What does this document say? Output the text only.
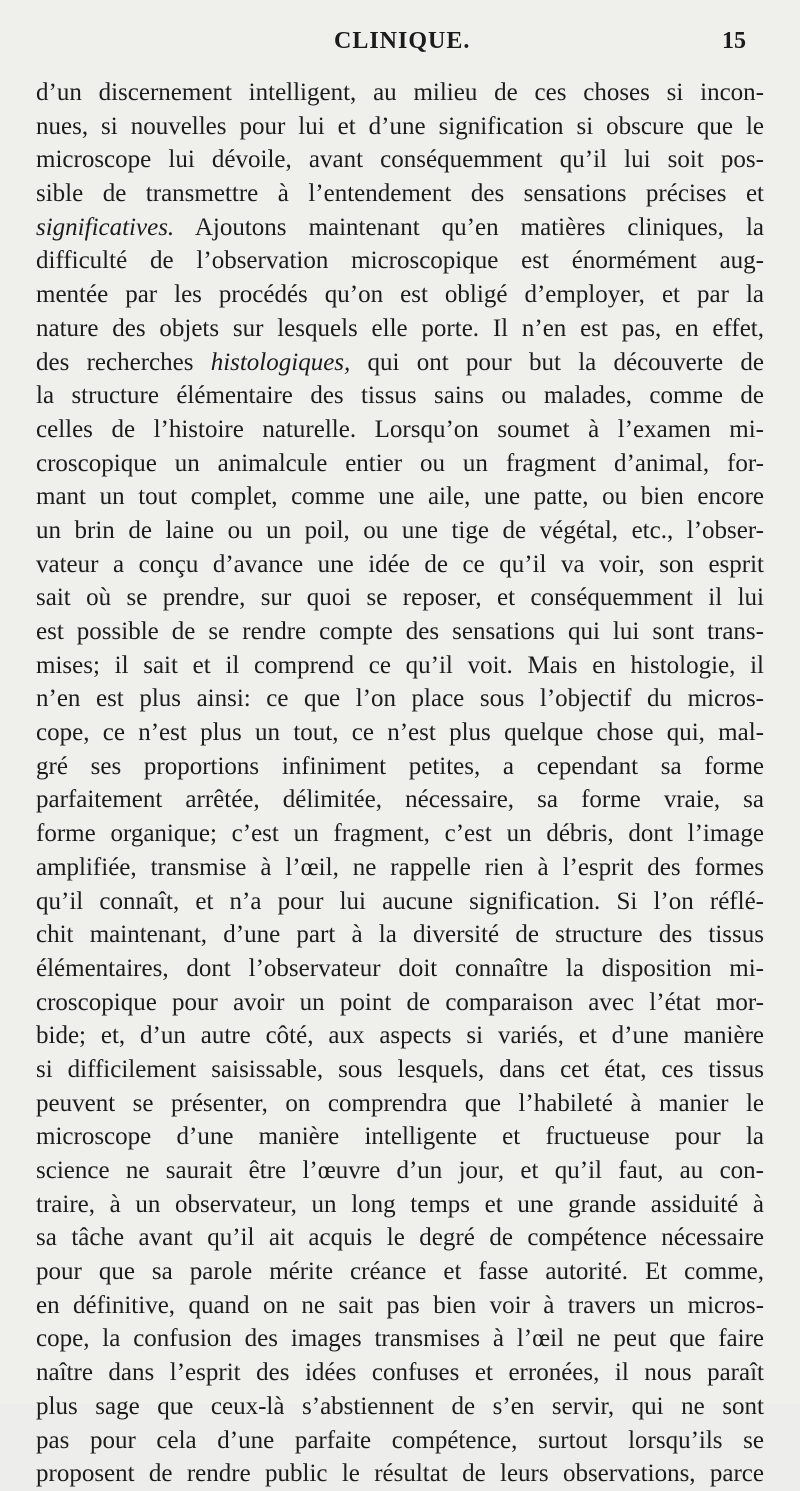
CLINIQUE.	15
d’un discernement intelligent, au milieu de ces choses si incon-
nues, si nouvelles pour lui et d’une signification si obscure que le
microscope lui dévoile, avant conséquemment qu’il lui soit pos-
sible de transmettre à l’entendement des sensations précises et
significatives. Ajoutons maintenant qu’en matières cliniques, la
difficulté de l’observation microscopique est énormément aug-
mentée par les procédés qu’on est obligé d’employer, et par la
nature des objets sur lesquels elle porte. Il n’en est pas, en effet,
des recherches histologiques, qui ont pour but la découverte de
la structure élémentaire des tissus sains ou malades, comme de
celles de l’histoire naturelle. Lorsqu’on soumet à l’examen mi-
croscopique un animalcule entier ou un fragment d’animal, for-
mant un tout complet, comme une aile, une patte, ou bien encore
un brin de laine ou un poil, ou une tige de végétal, etc., l’obser-
vateur a conçu d’avance une idée de ce qu’il va voir, son esprit
sait où se prendre, sur quoi se reposer, et conséquemment il lui
est possible de se rendre compte des sensations qui lui sont trans-
mises; il sait et il comprend ce qu’il voit. Mais en histologie, il
n’en est plus ainsi: ce que l’on place sous l’objectif du micros-
cope, ce n’est plus un tout, ce n’est plus quelque chose qui, mal-
gré ses proportions infiniment petites, a cependant sa forme
parfaitement arrêtée, délimitée, nécessaire, sa forme vraie, sa
forme organique; c’est un fragment, c’est un débris, dont l’image
amplifiée, transmise à l’œil, ne rappelle rien à l’esprit des formes
qu’il connaît, et n’a pour lui aucune signification. Si l’on réflé-
chit maintenant, d’une part à la diversité de structure des tissus
élémentaires, dont l’observateur doit connaître la disposition mi-
croscopique pour avoir un point de comparaison avec l’état mor-
bide; et, d’un autre côté, aux aspects si variés, et d’une manière
si difficilement saisissable, sous lesquels, dans cet état, ces tissus
peuvent se présenter, on comprendra que l’habileté à manier le
microscope d’une manière intelligente et fructueuse pour la
science ne saurait être l’œuvre d’un jour, et qu’il faut, au con-
traire, à un observateur, un long temps et une grande assiduité à
sa tâche avant qu’il ait acquis le degré de compétence nécessaire
pour que sa parole mérite créance et fasse autorité. Et comme,
en définitive, quand on ne sait pas bien voir à travers un micros-
cope, la confusion des images transmises à l’œil ne peut que faire
naître dans l’esprit des idées confuses et erronées, il nous paraît
plus sage que ceux-là s’abstiennent de s’en servir, qui ne sont
pas pour cela d’une parfaite compétence, surtout lorsqu’ils se
proposent de rendre public le résultat de leurs observations, parce
